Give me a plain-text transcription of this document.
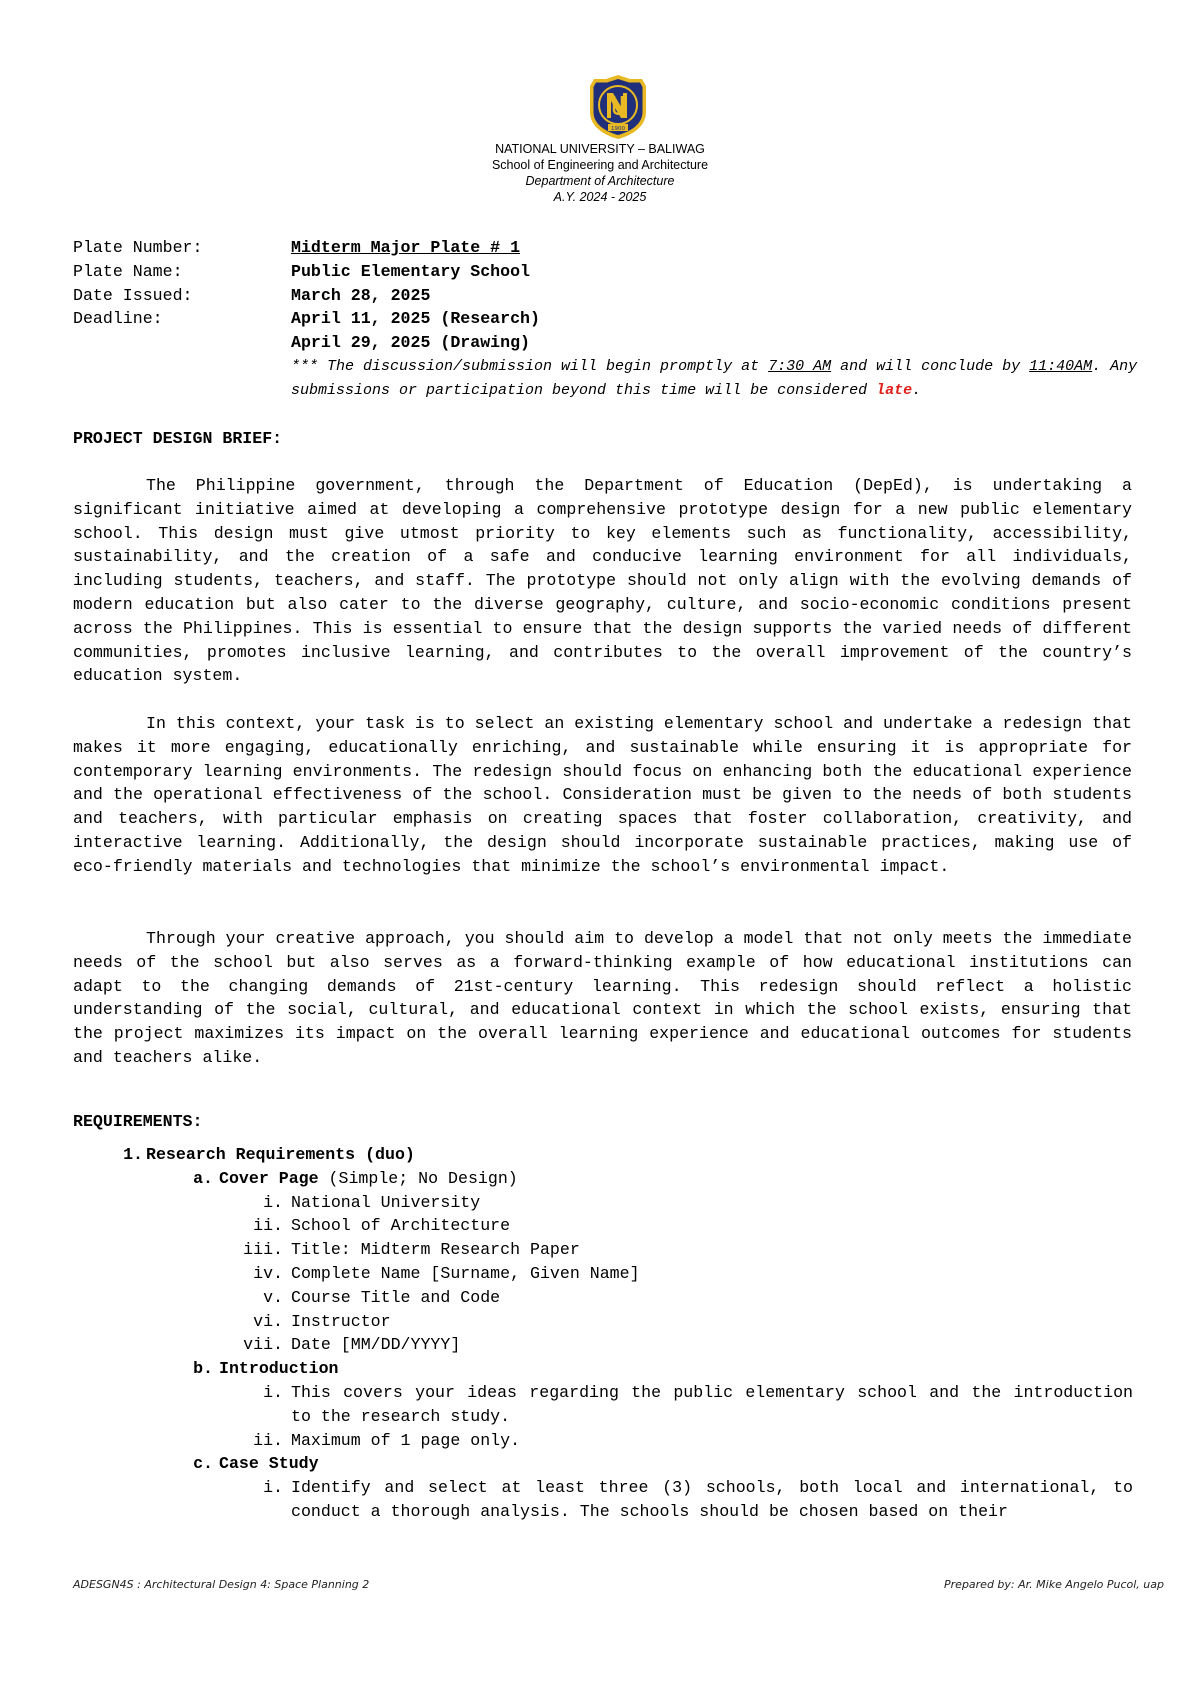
1900
NATIONAL UNIVERSITY – BALIWAG
School of Engineering and Architecture
Department of Architecture
A.Y. 2024 - 2025
Plate Number:	Midterm Major Plate # 1
Plate Name:	Public Elementary School
Date Issued:	March 28, 2025
Deadline:	April 11, 2025 (Research)
April 29, 2025 (Drawing)
*** The discussion/submission will begin promptly at 7:30 AM and will conclude by 11:40AM. Any submissions or participation beyond this time will be considered late.
PROJECT DESIGN BRIEF:
The Philippine government, through the Department of Education (DepEd), is undertaking a significant initiative aimed at developing a comprehensive prototype design for a new public elementary school. This design must give utmost priority to key elements such as functionality, accessibility, sustainability, and the creation of a safe and conducive learning environment for all individuals, including students, teachers, and staff. The prototype should not only align with the evolving demands of modern education but also cater to the diverse geography, culture, and socio-economic conditions present across the Philippines. This is essential to ensure that the design supports the varied needs of different communities, promotes inclusive learning, and contributes to the overall improvement of the country’s education system.
In this context, your task is to select an existing elementary school and undertake a redesign that makes it more engaging, educationally enriching, and sustainable while ensuring it is appropriate for contemporary learning environments. The redesign should focus on enhancing both the educational experience and the operational effectiveness of the school. Consideration must be given to the needs of both students and teachers, with particular emphasis on creating spaces that foster collaboration, creativity, and interactive learning. Additionally, the design should incorporate sustainable practices, making use of eco-friendly materials and technologies that minimize the school’s environmental impact.
Through your creative approach, you should aim to develop a model that not only meets the immediate needs of the school but also serves as a forward-thinking example of how educational institutions can adapt to the changing demands of 21st-century learning. This redesign should reflect a holistic understanding of the social, cultural, and educational context in which the school exists, ensuring that the project maximizes its impact on the overall learning experience and educational outcomes for students and teachers alike.
REQUIREMENTS:
1. Research Requirements (duo)
a. Cover Page (Simple; No Design)
i. National University
ii. School of Architecture
iii. Title: Midterm Research Paper
iv. Complete Name [Surname, Given Name]
v. Course Title and Code
vi. Instructor
vii. Date [MM/DD/YYYY]
b. Introduction
i. This covers your ideas regarding the public elementary school and the introduction to the research study.
ii. Maximum of 1 page only.
c. Case Study
i. Identify and select at least three (3) schools, both local and international, to conduct a thorough analysis. The schools should be chosen based on their
ADESGN4S : Architectural Design 4: Space Planning 2	Prepared by: Ar. Mike Angelo Pucol, uap
